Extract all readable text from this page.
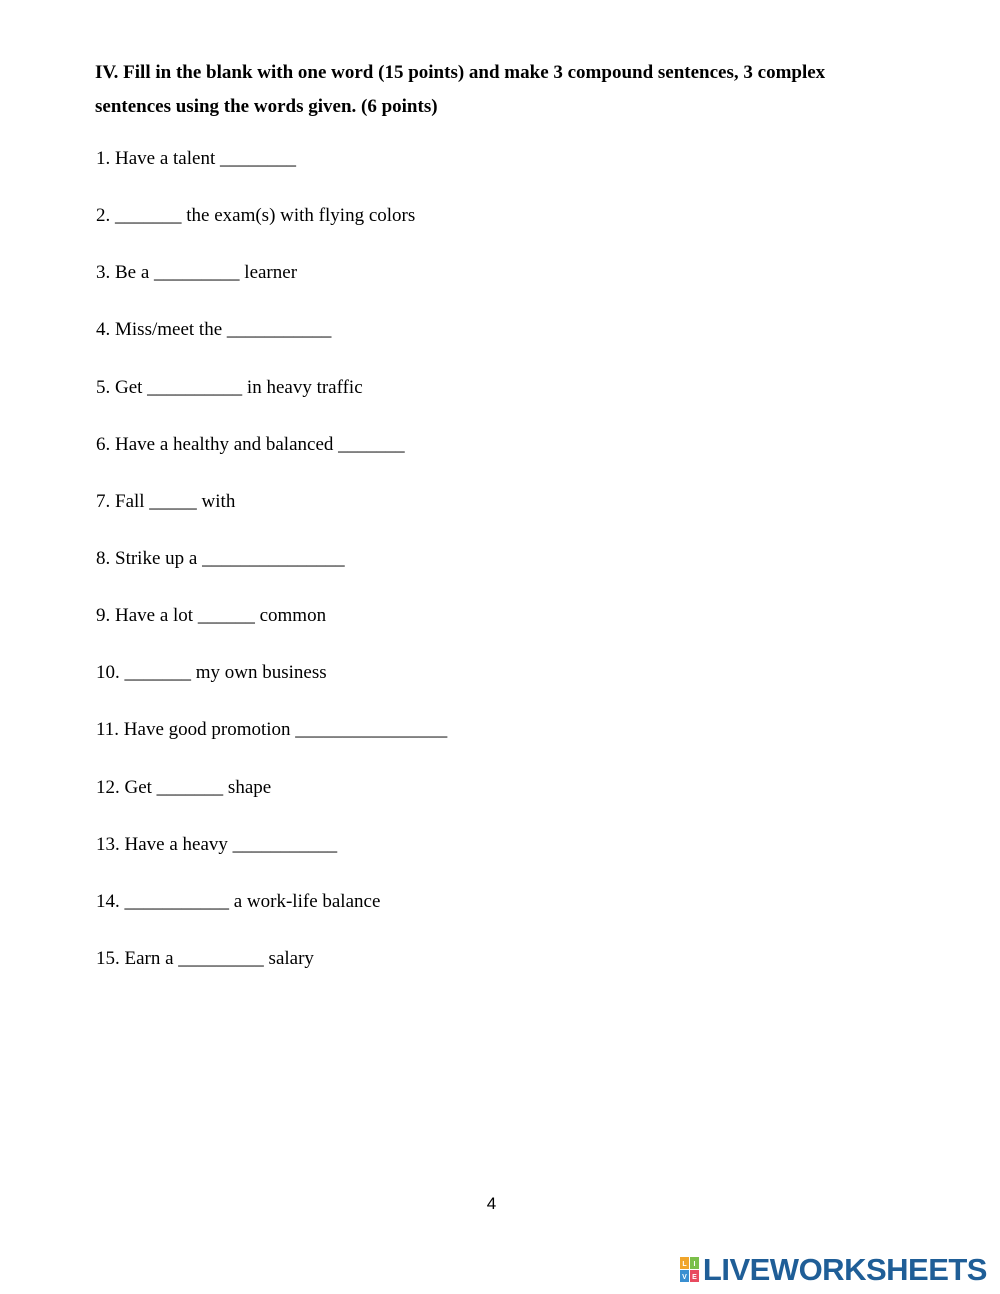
IV. Fill in the blank with one word (15 points) and make 3 compound sentences, 3 complex sentences using the words given. (6 points)

1. Have a talent ________
2. _______ the exam(s) with flying colors
3. Be a _________ learner
4. Miss/meet the ___________
5. Get __________ in heavy traffic
6. Have a healthy and balanced _______
7. Fall _____ with
8. Strike up a _______________
9. Have a lot ______ common
10. _______ my own business
11. Have good promotion ________________
12. Get _______ shape
13. Have a heavy ___________
14. ___________ a work-life balance
15. Earn a _________ salary
4
L I
V E LIVEWORKSHEETS
